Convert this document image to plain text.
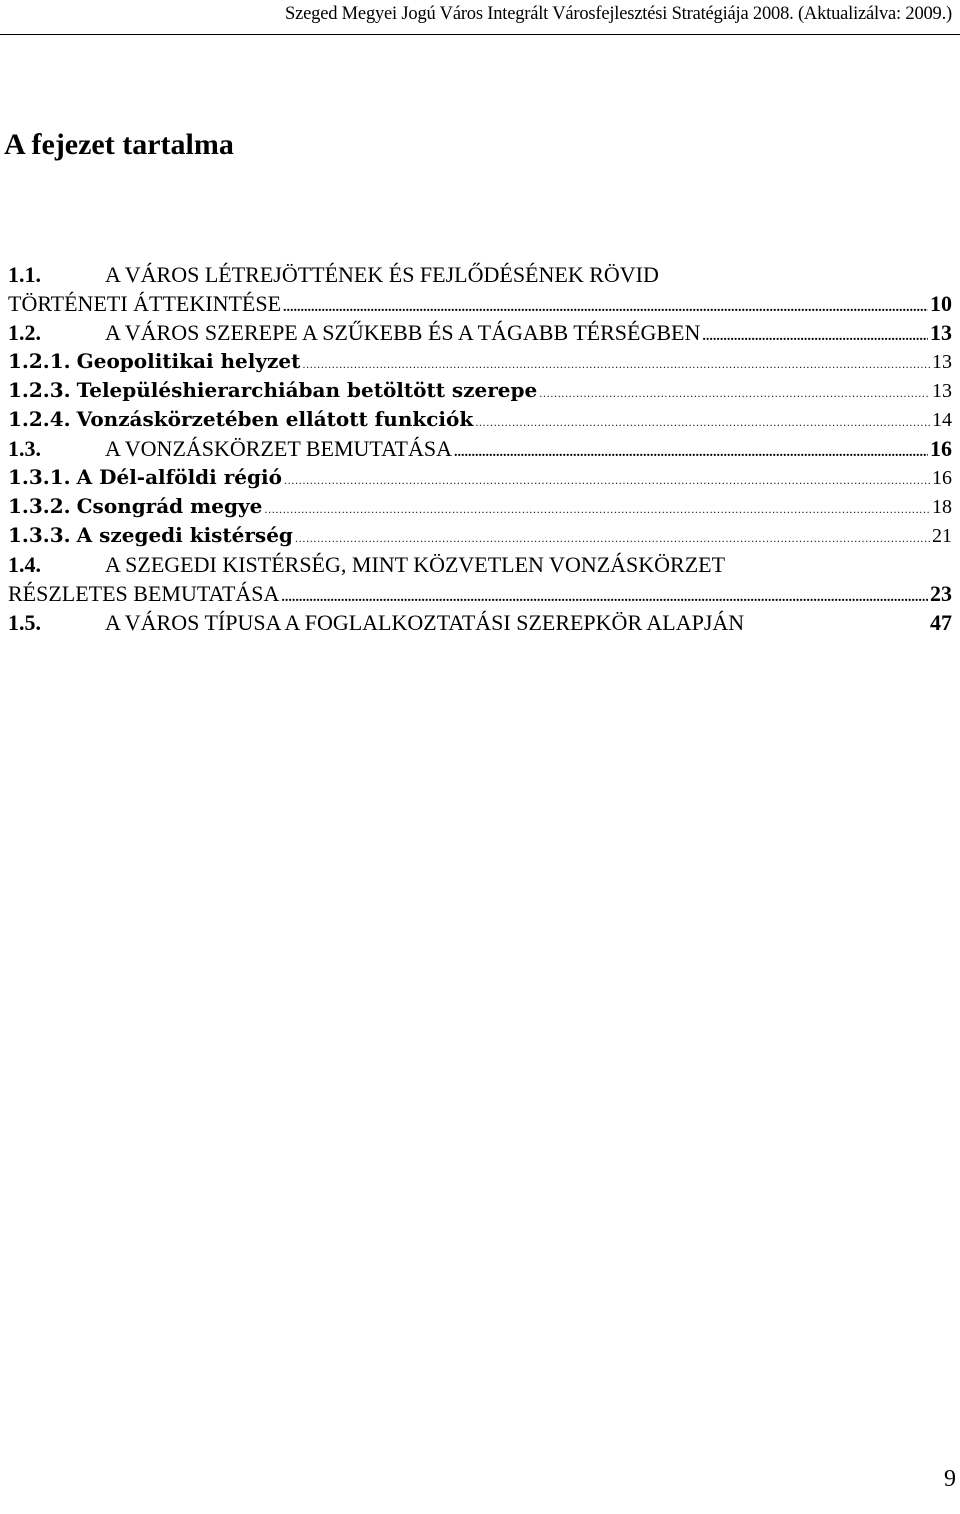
Szeged Megyei Jogú Város Integrált Városfejlesztési Stratégiája 2008. (Aktualizálva: 2009.)
A fejezet tartalma
1.1.	A VÁROS LÉTREJÖTTÉNEK ÉS FEJLŐDÉSÉNEK RÖVID
TÖRTÉNETI ÁTTEKINTÉSE .....	10
1.2.	A VÁROS SZEREPE A SZŰKEBB ÉS A TÁGABB TÉRSÉGBEN .....	13
1.2.1. Geopolitikai helyzet .....	13
1.2.3. Településhierarchiában betöltött szerepe .....	13
1.2.4. Vonzáskörzetében ellátott funkciók .....	14
1.3.	A VONZÁSKÖRZET BEMUTATÁSA .....	16
1.3.1. A Dél-alföldi régió .....	16
1.3.2. Csongrád megye .....	18
1.3.3. A szegedi kistérség .....	21
1.4.	A SZEGEDI KISTÉRSÉG, MINT KÖZVETLEN VONZÁSKÖRZET
RÉSZLETES BEMUTATÁSA .....	23
1.5.	A VÁROS TÍPUSA A FOGLALKOZTATÁSI SZEREPKÖR ALAPJÁN	47
9
